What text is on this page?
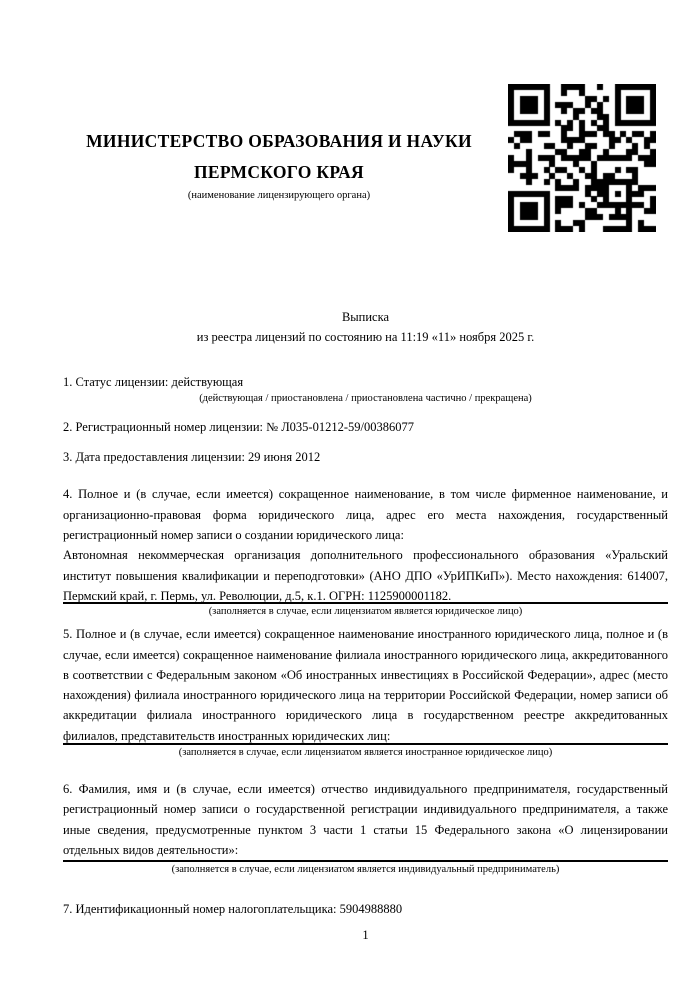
МИНИСТЕРСТВО ОБРАЗОВАНИЯ И НАУКИ
ПЕРМСКОГО КРАЯ
(наименование лицензирующего органа)

Выписка

из реестра лицензий по состоянию на 11:19 «11» ноября 2025 г.

1. Статус лицензии: действующая

(действующая / приостановлена / приостановлена частично / прекращена)

2. Регистрационный номер лицензии: № Л035-01212-59/00386077

3. Дата предоставления лицензии: 29 июня 2012

4. Полное и (в случае, если имеется) сокращенное наименование, в том числе фирменное наименование, и организационно-правовая форма юридического лица, адрес его места нахождения, государственный регистрационный номер записи о создании юридического лица:

Автономная некоммерческая организация дополнительного профессионального образования «Уральский институт повышения квалификации и переподготовки» (АНО ДПО «УрИПКиП»). Место нахождения: 614007, Пермский край, г. Пермь, ул. Революции, д.5, к.1. ОГРН: 1125900001182.

(заполняется в случае, если лицензиатом является юридическое лицо)

5. Полное и (в случае, если имеется) сокращенное наименование иностранного юридического лица, полное и (в случае, если имеется) сокращенное наименование филиала иностранного юридического лица, аккредитованного в соответствии с Федеральным законом «Об иностранных инвестициях в Российской Федерации», адрес (место нахождения) филиала иностранного юридического лица на территории Российской Федерации, номер записи об аккредитации филиала иностранного юридического лица в государственном реестре аккредитованных филиалов, представительств иностранных юридических лиц:

(заполняется в случае, если лицензиатом является иностранное юридическое лицо)

6. Фамилия, имя и (в случае, если имеется) отчество индивидуального предпринимателя, государственный регистрационный номер записи о государственной регистрации индивидуального предпринимателя, а также иные сведения, предусмотренные пунктом 3 части 1 статьи 15 Федерального закона «О лицензировании отдельных видов деятельности»:

(заполняется в случае, если лицензиатом является индивидуальный предприниматель)

7. Идентификационный номер налогоплательщика: 5904988880

1
